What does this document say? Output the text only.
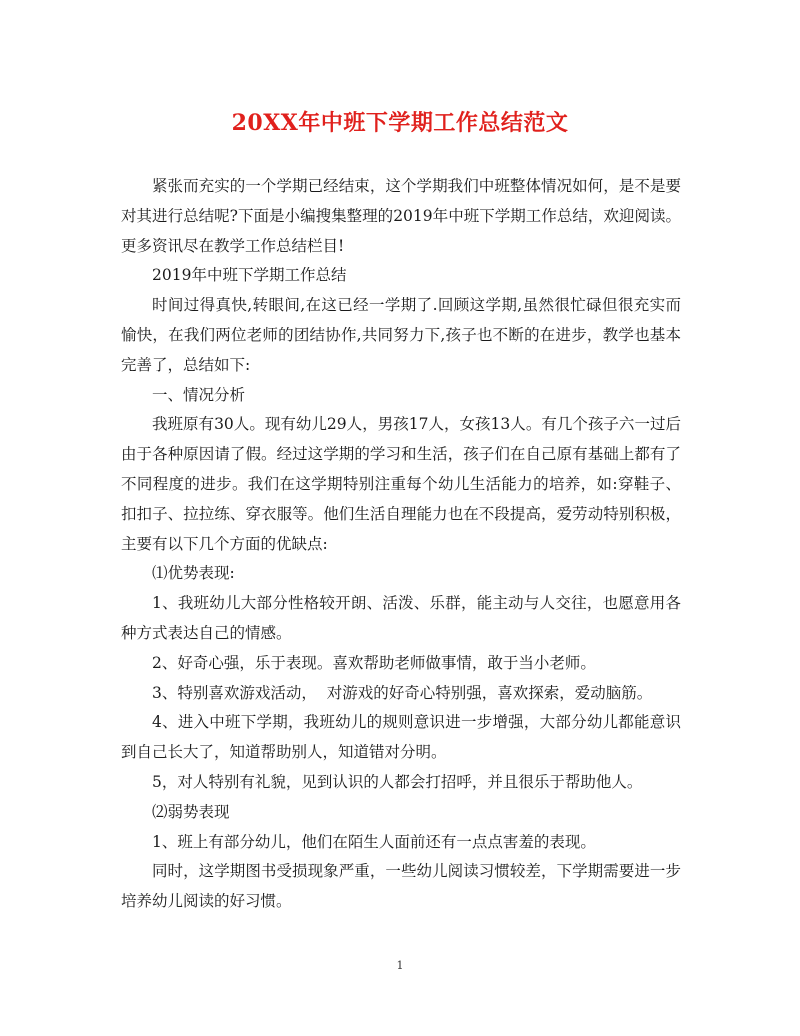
20XX年中班下学期工作总结范文

紧张而充实的一个学期已经结束，这个学期我们中班整体情况如何，是不是要对其进行总结呢?下面是小编搜集整理的2019年中班下学期工作总结，欢迎阅读。更多资讯尽在教学工作总结栏目!

2019年中班下学期工作总结

时间过得真快,转眼间,在这已经一学期了.回顾这学期,虽然很忙碌但很充实而愉快，在我们两位老师的团结协作,共同努力下,孩子也不断的在进步，教学也基本完善了，总结如下:

一、情况分析

我班原有30人。现有幼儿29人，男孩17人，女孩13人。有几个孩子六一过后由于各种原因请了假。经过这学期的学习和生活，孩子们在自己原有基础上都有了不同程度的进步。我们在这学期特别注重每个幼儿生活能力的培养，如:穿鞋子、扣扣子、拉拉练、穿衣服等。他们生活自理能力也在不段提高，爱劳动特别积极，主要有以下几个方面的优缺点:

⑴优势表现:

1、我班幼儿大部分性格较开朗、活泼、乐群，能主动与人交往，也愿意用各种方式表达自己的情感。

2、好奇心强，乐于表现。喜欢帮助老师做事情，敢于当小老师。

3、特别喜欢游戏活动，  对游戏的好奇心特别强，喜欢探索，爱动脑筋。

4、进入中班下学期，我班幼儿的规则意识进一步增强，大部分幼儿都能意识到自己长大了，知道帮助别人，知道错对分明。

5，对人特别有礼貌，见到认识的人都会打招呼，并且很乐于帮助他人。

⑵弱势表现

1、班上有部分幼儿，他们在陌生人面前还有一点点害羞的表现。

同时，这学期图书受损现象严重，一些幼儿阅读习惯较差，下学期需要进一步培养幼儿阅读的好习惯。

1
